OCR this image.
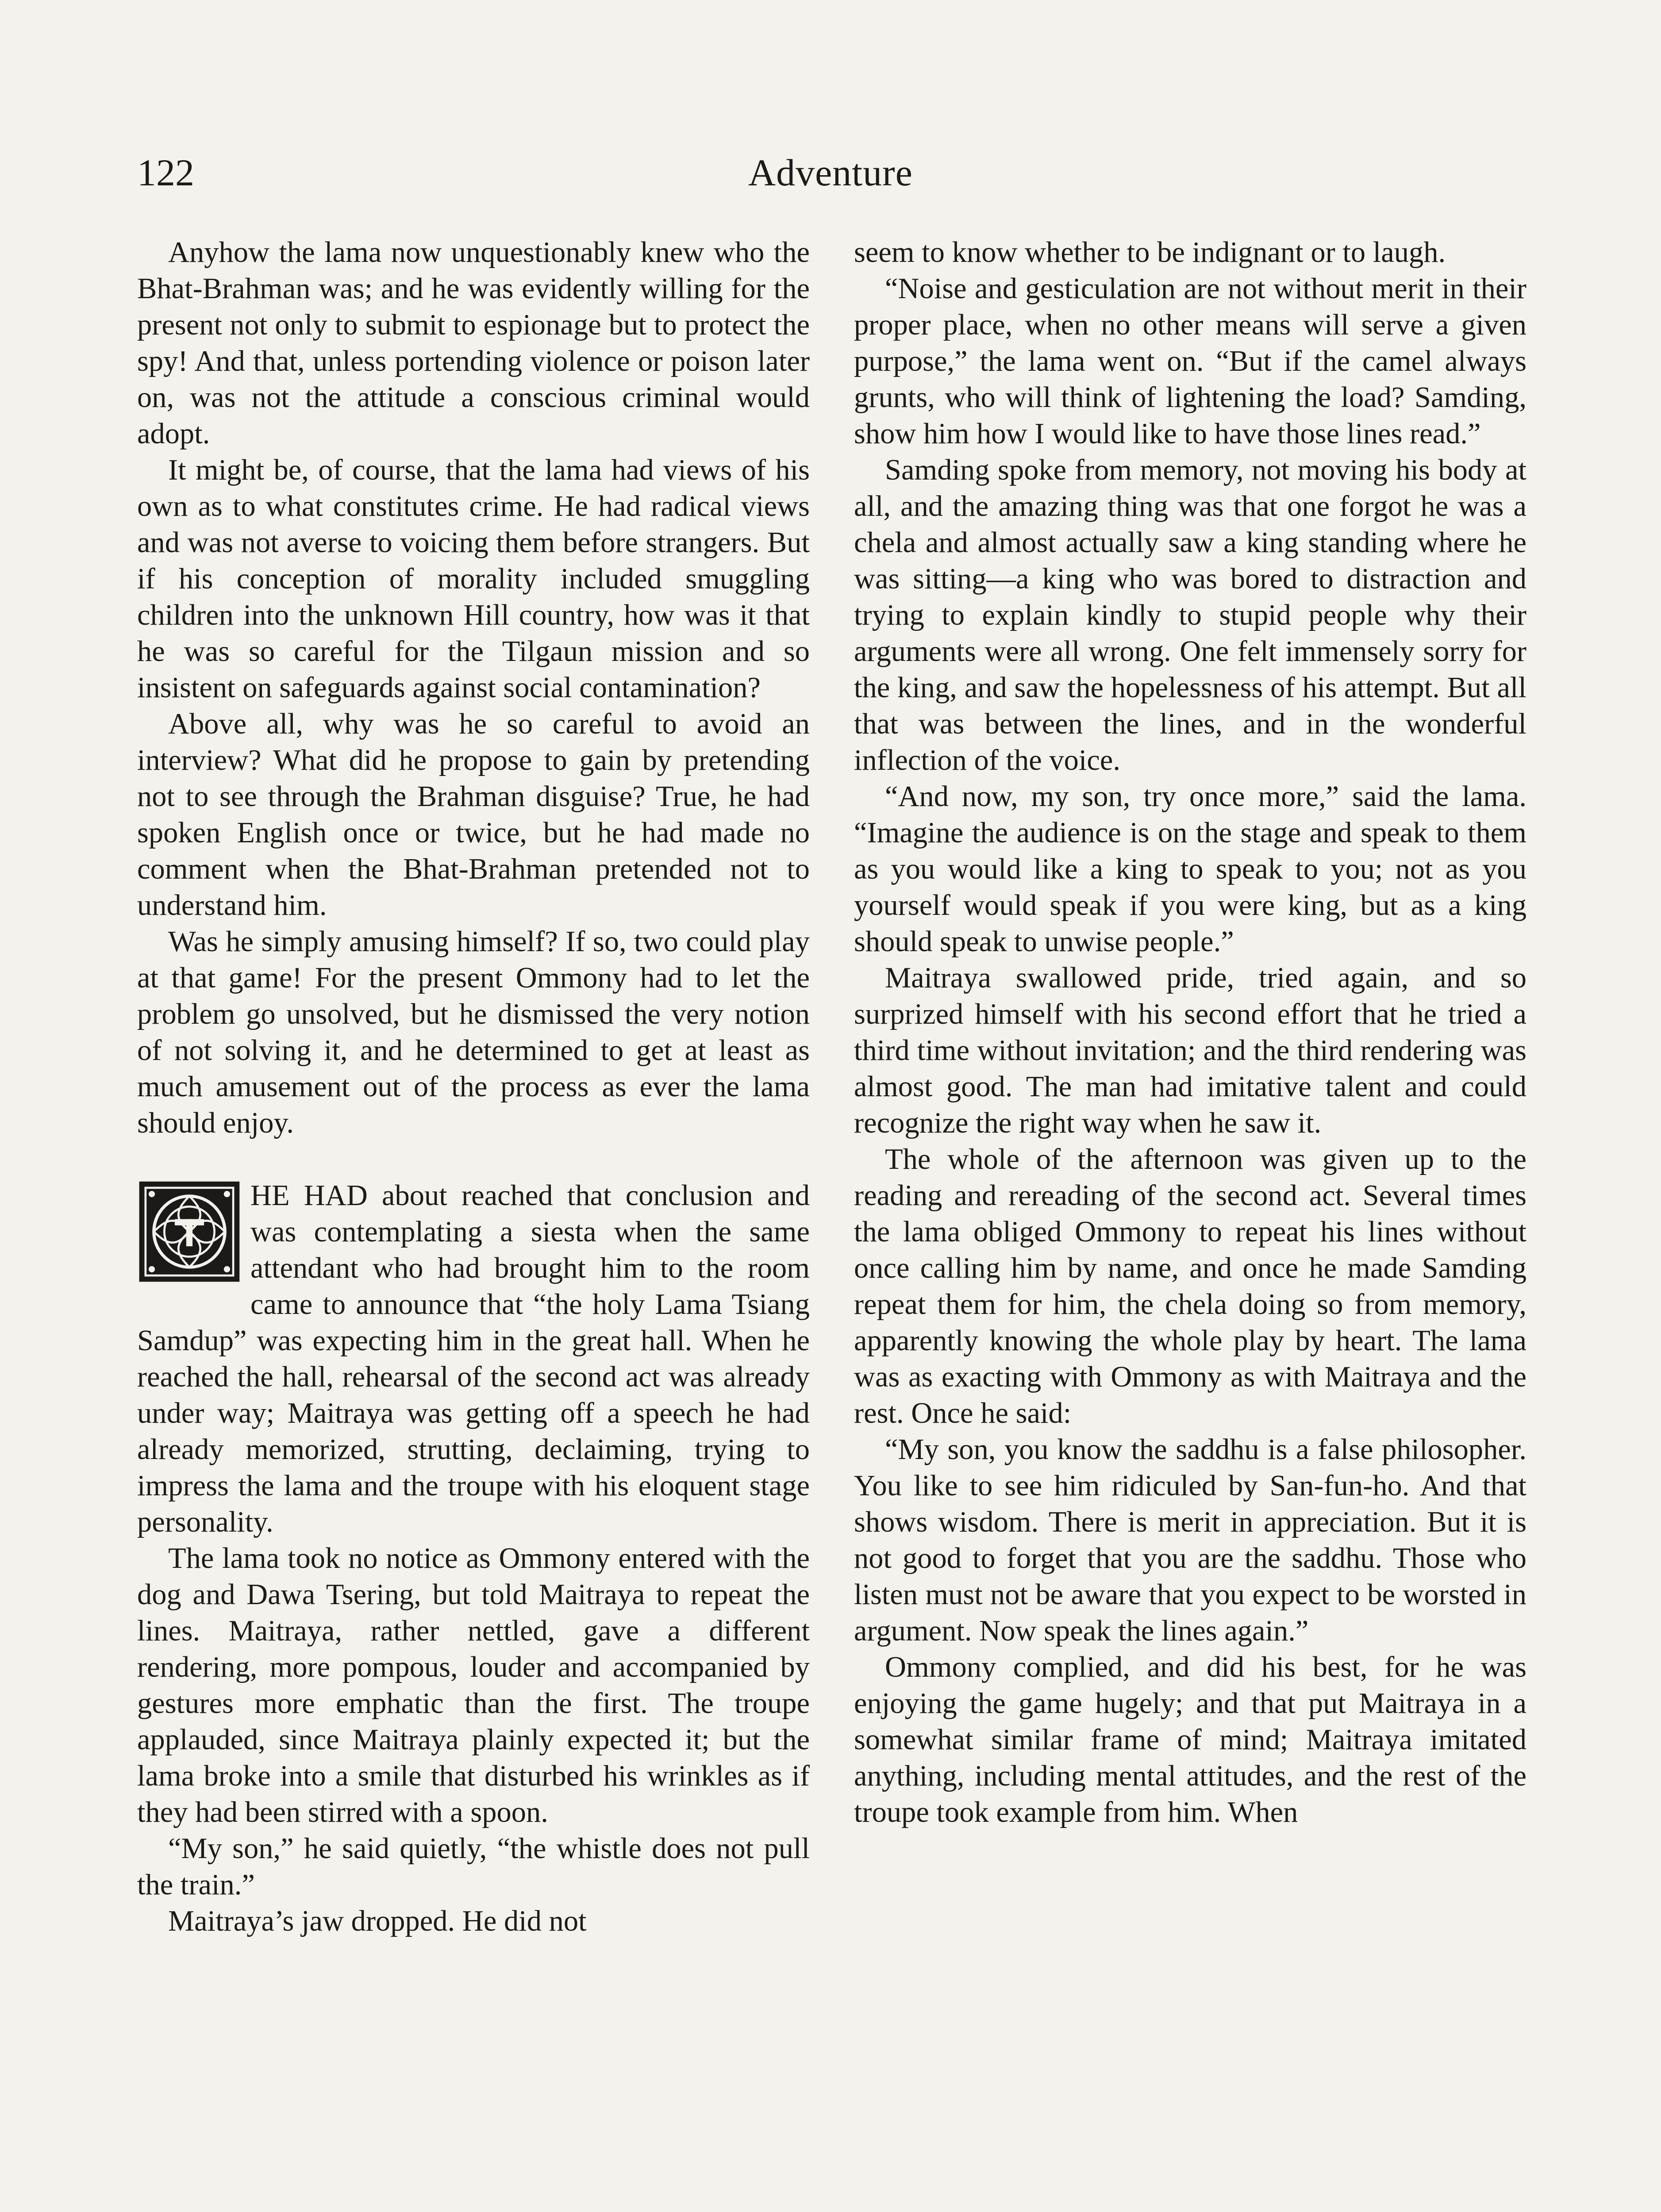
122	Adventure

Anyhow the lama now unquestionably knew who the Bhat-Brahman was; and he was evidently willing for the present not only to submit to espionage but to protect the spy! And that, unless portending violence or poison later on, was not the attitude a conscious criminal would adopt.

It might be, of course, that the lama had views of his own as to what constitutes crime. He had radical views and was not averse to voicing them before strangers. But if his conception of morality included smuggling children into the unknown Hill country, how was it that he was so careful for the Tilgaun mission and so insistent on safeguards against social contamination?

Above all, why was he so careful to avoid an interview? What did he propose to gain by pretending not to see through the Brahman disguise? True, he had spoken English once or twice, but he had made no comment when the Bhat-Brahman pretended not to understand him.

Was he simply amusing himself? If so, two could play at that game! For the present Ommony had to let the problem go unsolved, but he dismissed the very notion of not solving it, and he determined to get at least as much amusement out of the process as ever the lama should enjoy.

HE HAD about reached that conclusion and was contemplating a siesta when the same attendant who had brought him to the room came to announce that “the holy Lama Tsiang Samdup” was expecting him in the great hall. When he reached the hall, rehearsal of the second act was already under way; Maitraya was getting off a speech he had already memorized, strutting, declaiming, trying to impress the lama and the troupe with his eloquent stage personality.

The lama took no notice as Ommony entered with the dog and Dawa Tsering, but told Maitraya to repeat the lines. Maitraya, rather nettled, gave a different rendering, more pompous, louder and accompanied by gestures more emphatic than the first. The troupe applauded, since Maitraya plainly expected it; but the lama broke into a smile that disturbed his wrinkles as if they had been stirred with a spoon.

“My son,” he said quietly, “the whistle does not pull the train.”

Maitraya’s jaw dropped. He did not

seem to know whether to be indignant or to laugh.

“Noise and gesticulation are not without merit in their proper place, when no other means will serve a given purpose,” the lama went on. “But if the camel always grunts, who will think of lightening the load? Samding, show him how I would like to have those lines read.”

Samding spoke from memory, not moving his body at all, and the amazing thing was that one forgot he was a chela and almost actually saw a king standing where he was sitting—a king who was bored to distraction and trying to explain kindly to stupid people why their arguments were all wrong. One felt immensely sorry for the king, and saw the hopelessness of his attempt. But all that was between the lines, and in the wonderful inflection of the voice.

“And now, my son, try once more,” said the lama. “Imagine the audience is on the stage and speak to them as you would like a king to speak to you; not as you yourself would speak if you were king, but as a king should speak to unwise people.”

Maitraya swallowed pride, tried again, and so surprized himself with his second effort that he tried a third time without invitation; and the third rendering was almost good. The man had imitative talent and could recognize the right way when he saw it.

The whole of the afternoon was given up to the reading and rereading of the second act. Several times the lama obliged Ommony to repeat his lines without once calling him by name, and once he made Samding repeat them for him, the chela doing so from memory, apparently knowing the whole play by heart. The lama was as exacting with Ommony as with Maitraya and the rest. Once he said:

“My son, you know the saddhu is a false philosopher. You like to see him ridiculed by San-fun-ho. And that shows wisdom. There is merit in appreciation. But it is not good to forget that you are the saddhu. Those who listen must not be aware that you expect to be worsted in argument. Now speak the lines again.”

Ommony complied, and did his best, for he was enjoying the game hugely; and that put Maitraya in a somewhat similar frame of mind; Maitraya imitated anything, including mental attitudes, and the rest of the troupe took example from him. When
